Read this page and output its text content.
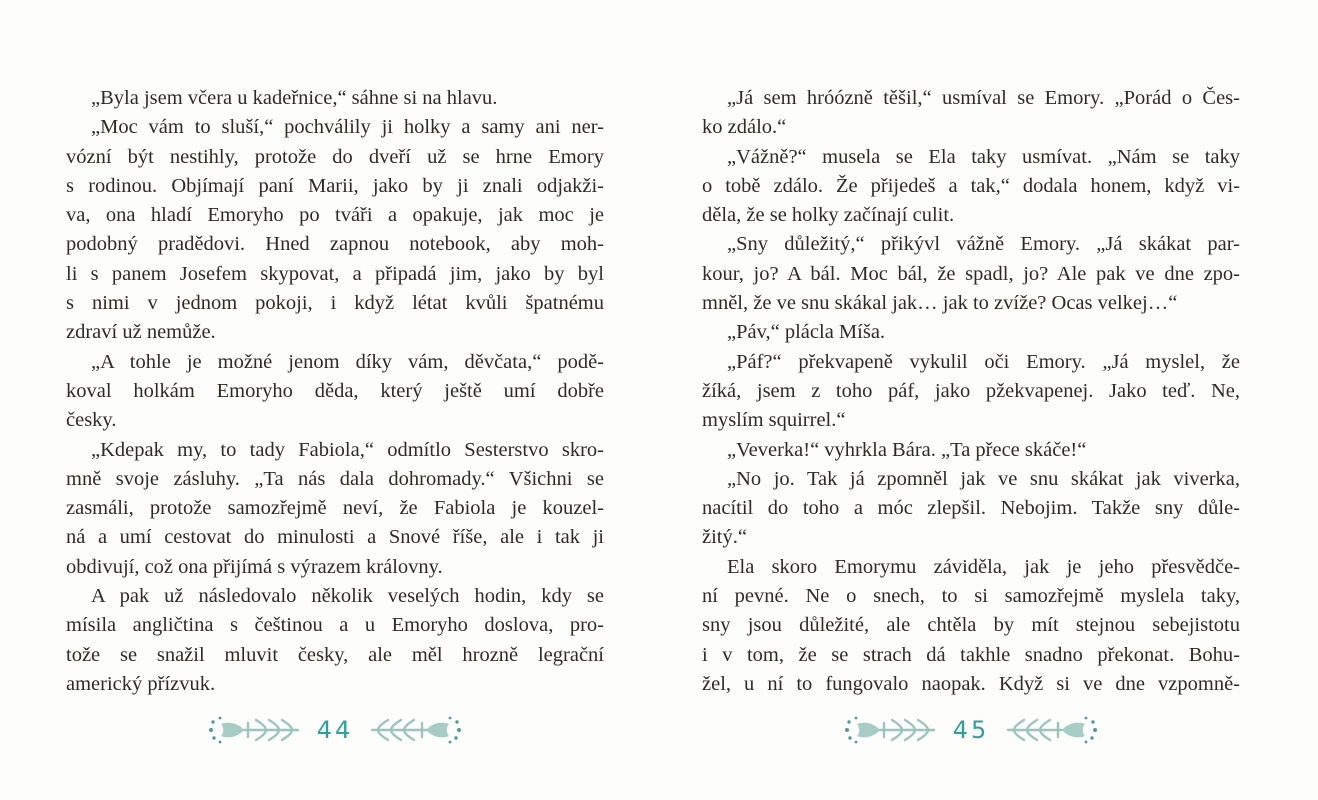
„Byla jsem včera u kadeřnice,“ sáhne si na hlavu.
„Moc vám to sluší,“ pochválily ji holky a samy ani ner-
vózní být nestihly, protože do dveří už se hrne Emory
s rodinou. Objímají paní Marii, jako by ji znali odjakži-
va, ona hladí Emoryho po tváři a opakuje, jak moc je
podobný pradědovi. Hned zapnou notebook, aby moh-
li s panem Josefem skypovat, a připadá jim, jako by byl
s nimi v jednom pokoji, i když létat kvůli špatnému
zdraví už nemůže.
„A tohle je možné jenom díky vám, děvčata,“ podě-
koval holkám Emoryho děda, který ještě umí dobře
česky.
„Kdepak my, to tady Fabiola,“ odmítlo Sesterstvo skro-
mně svoje zásluhy. „Ta nás dala dohromady.“ Všichni se
zasmáli, protože samozřejmě neví, že Fabiola je kouzel-
ná a umí cestovat do minulosti a Snové říše, ale i tak ji
obdivují, což ona přijímá s výrazem královny.
A pak už následovalo několik veselých hodin, kdy se
mísila angličtina s češtinou a u Emoryho doslova, pro-
tože se snažil mluvit česky, ale měl hrozně legrační
americký přízvuk.
„Já sem hróózně těšil,“ usmíval se Emory. „Porád o Čes-
ko zdálo.“
„Vážně?“ musela se Ela taky usmívat. „Nám se taky
o tobě zdálo. Že přijedeš a tak,“ dodala honem, když vi-
děla, že se holky začínají culit.
„Sny důležitý,“ přikývl vážně Emory. „Já skákat par-
kour, jo? A bál. Moc bál, že spadl, jo? Ale pak ve dne zpo-
mněl, že ve snu skákal jak… jak to zvíže? Ocas velkej…“
„Páv,“ plácla Míša.
„Páf?“ překvapeně vykulil oči Emory. „Já myslel, že
žíká, jsem z toho páf, jako pžekvapenej. Jako teď. Ne,
myslím squirrel.“
„Veverka!“ vyhrkla Bára. „Ta přece skáče!“
„No jo. Tak já zpomněl jak ve snu skákat jak viverka,
nacítil do toho a móc zlepšil. Nebojim. Takže sny důle-
žitý.“
Ela skoro Emorymu záviděla, jak je jeho přesvědče-
ní pevné. Ne o snech, to si samozřejmě myslela taky,
sny jsou důležité, ale chtěla by mít stejnou sebejistotu
i v tom, že se strach dá takhle snadno překonat. Bohu-
žel, u ní to fungovalo naopak. Když si ve dne vzpomně-
44	45
